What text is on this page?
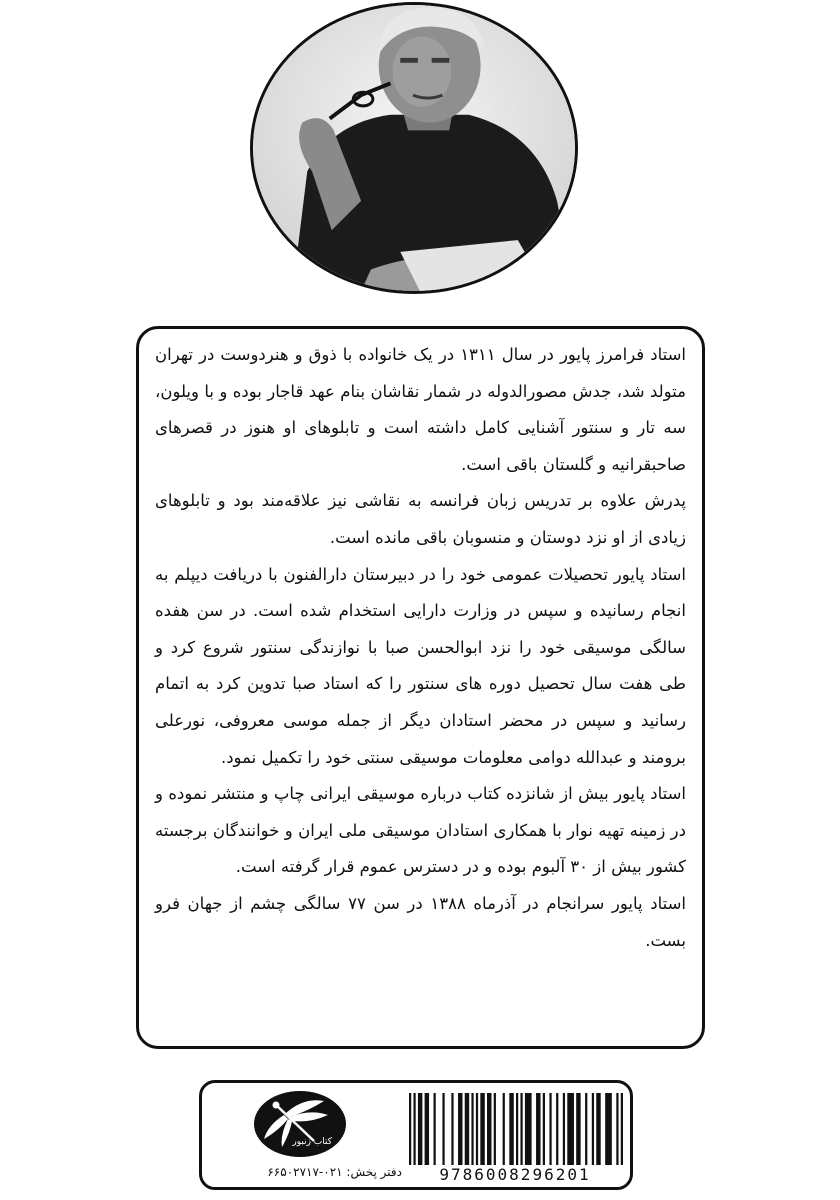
استاد فرامرز پایور در سال ۱۳۱۱ در یک خانواده با ذوق و هنردوست در تهران متولد شد، جدش مصورالدوله در شمار نقاشان بنام عهد قاجار بوده و با ویلون، سه تار و سنتور آشنایی کامل داشته است و تابلوهای او هنوز در قصرهای صاحبقرانیه و گلستان باقی است.

پدرش علاوه بر تدریس زبان فرانسه به نقاشی نیز علاقه‌مند بود و تابلوهای زیادی از او نزد دوستان و منسوبان باقی مانده است.

استاد پایور تحصیلات عمومی خود را در دبیرستان دارالفنون با دریافت دیپلم به انجام رسانیده و سپس در وزارت دارایی استخدام شده است. در سن هفده سالگی موسیقی خود را نزد ابوالحسن صبا با نوازندگی سنتور شروع کرد و طی هفت سال تحصیل دوره های سنتور را که استاد صبا تدوین کرد به اتمام رسانید و سپس در محضر استادان دیگر از جمله موسی معروفی، نورعلی برومند و عبدالله دوامی معلومات موسیقی سنتی خود را تکمیل نمود.

استاد پایور بیش از شانزده کتاب درباره موسیقی ایرانی چاپ و منتشر نموده و در زمینه تهیه نوار با همکاری استادان موسیقی ملی ایران و خوانندگان برجسته کشور بیش از ۳۰ آلبوم بوده و در دسترس عموم قرار گرفته است.

استاد پایور سرانجام در آذرماه ۱۳۸۸ در سن ۷۷ سالگی چشم از جهان فرو بست.

کتاب زنبور
دفتر پخش: ۰۲۱-۶۶۵۰۲۷۱۷	9786008296201
